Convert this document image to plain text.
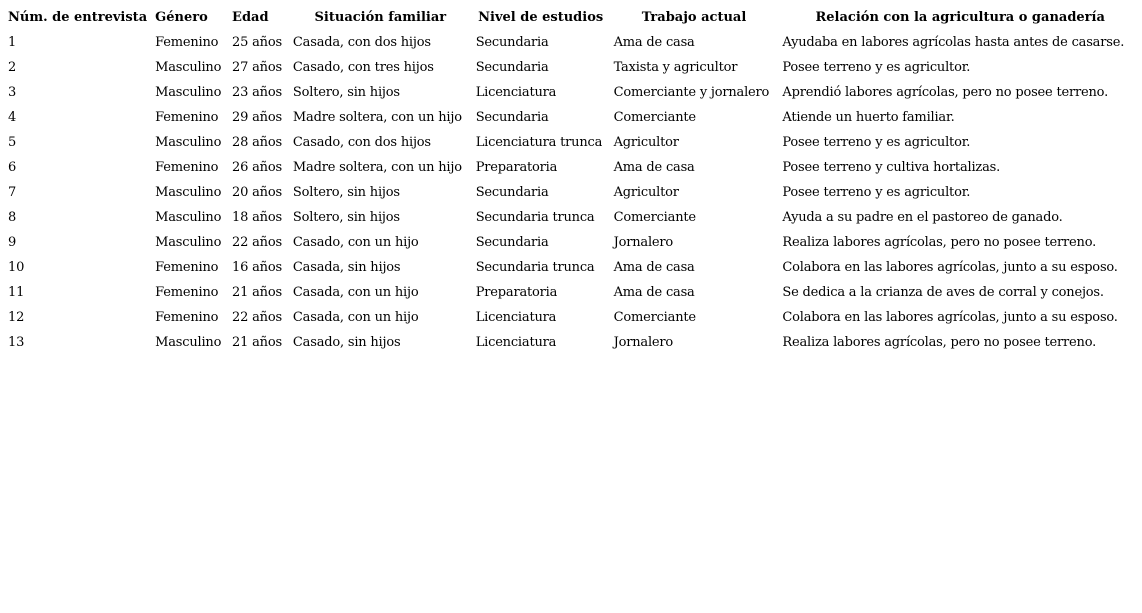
Núm. de entrevista	Género	Edad	Situación familiar	Nivel de estudios	Trabajo actual	Relación con la agricultura o ganadería
1	Femenino	25 años	Casada, con dos hijos	Secundaria	Ama de casa	Ayudaba en labores agrícolas hasta antes de casarse.
2	Masculino	27 años	Casado, con tres hijos	Secundaria	Taxista y agricultor	Posee terreno y es agricultor.
3	Masculino	23 años	Soltero, sin hijos	Licenciatura	Comerciante y jornalero	Aprendió labores agrícolas, pero no posee terreno.
4	Femenino	29 años	Madre soltera, con un hijo	Secundaria	Comerciante	Atiende un huerto familiar.
5	Masculino	28 años	Casado, con dos hijos	Licenciatura trunca	Agricultor	Posee terreno y es agricultor.
6	Femenino	26 años	Madre soltera, con un hijo	Preparatoria	Ama de casa	Posee terreno y cultiva hortalizas.
7	Masculino	20 años	Soltero, sin hijos	Secundaria	Agricultor	Posee terreno y es agricultor.
8	Masculino	18 años	Soltero, sin hijos	Secundaria trunca	Comerciante	Ayuda a su padre en el pastoreo de ganado.
9	Masculino	22 años	Casado, con un hijo	Secundaria	Jornalero	Realiza labores agrícolas, pero no posee terreno.
10	Femenino	16 años	Casada, sin hijos	Secundaria trunca	Ama de casa	Colabora en las labores agrícolas, junto a su esposo.
11	Femenino	21 años	Casada, con un hijo	Preparatoria	Ama de casa	Se dedica a la crianza de aves de corral y conejos.
12	Femenino	22 años	Casada, con un hijo	Licenciatura	Comerciante	Colabora en las labores agrícolas, junto a su esposo.
13	Masculino	21 años	Casado, sin hijos	Licenciatura	Jornalero	Realiza labores agrícolas, pero no posee terreno.
